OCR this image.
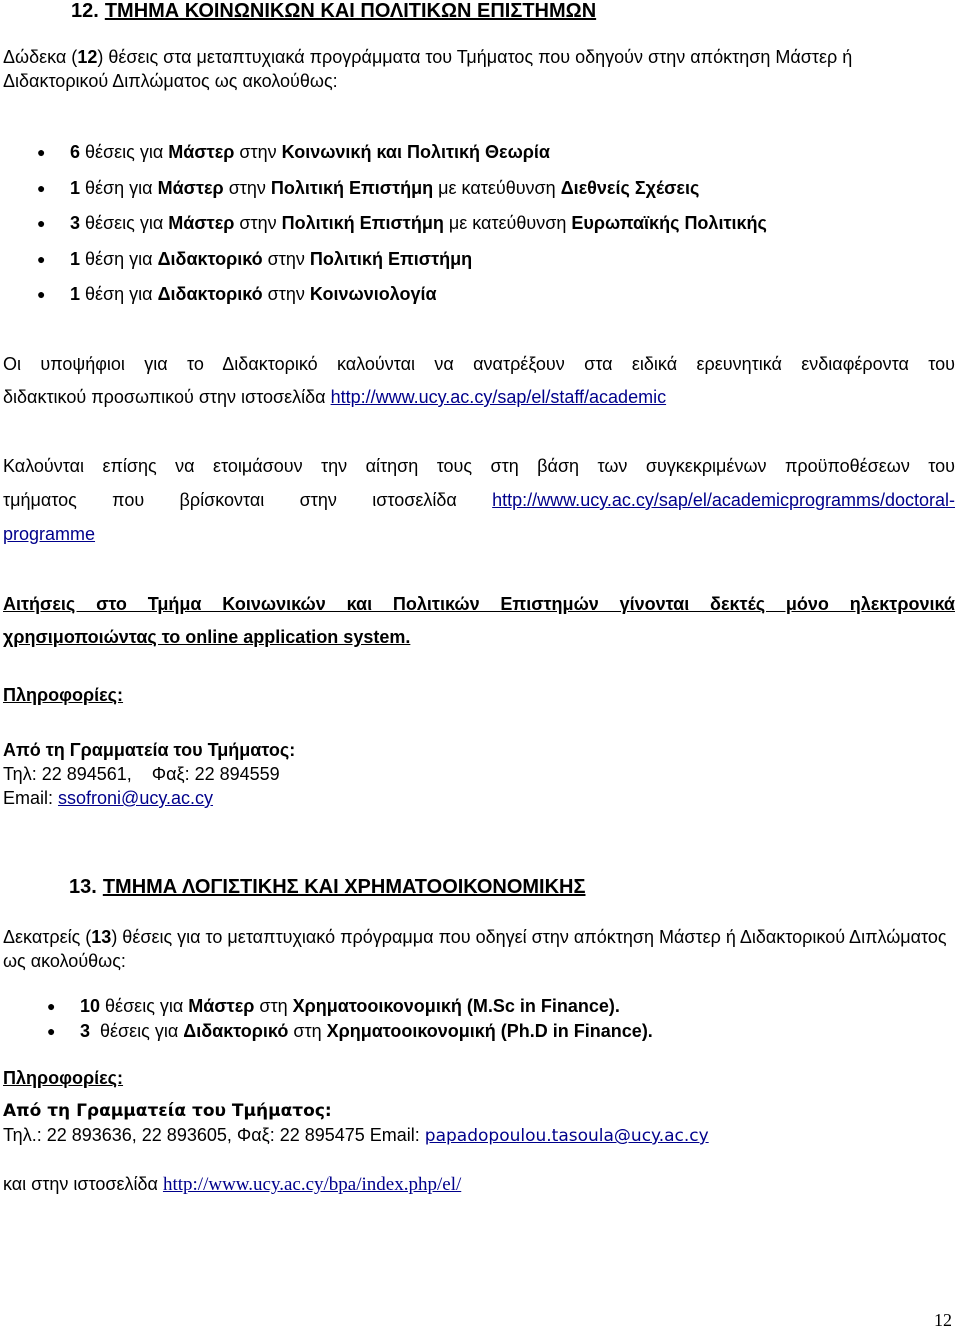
12. ΤΜΗΜΑ ΚΟΙΝΩΝΙΚΩΝ ΚΑΙ ΠΟΛΙΤΙΚΩΝ ΕΠΙΣΤΗΜΩΝ
Δώδεκα (12) θέσεις στα μεταπτυχιακά προγράμματα του Τμήματος που οδηγούν στην απόκτηση Μάστερ ή Διδακτορικού Διπλώματος ως ακολούθως:
● 6 θέσεις για Μάστερ στην Κοινωνική και Πολιτική Θεωρία
● 1 θέση για Μάστερ στην Πολιτική Επιστήμη με κατεύθυνση Διεθνείς Σχέσεις
● 3 θέσεις για Μάστερ στην Πολιτική Επιστήμη με κατεύθυνση Ευρωπαϊκής Πολιτικής
● 1 θέση για Διδακτορικό στην Πολιτική Επιστήμη
● 1 θέση για Διδακτορικό στην Κοινωνιολογία
Οι υποψήφιοι για το Διδακτορικό καλούνται να ανατρέξουν στα ειδικά ερευνητικά ενδιαφέροντα του
διδακτικού προσωπικού στην ιστοσελίδα http://www.ucy.ac.cy/sap/el/staff/academic
Καλούνται επίσης να ετοιμάσουν την αίτηση τους στη βάση των συγκεκριμένων προϋποθέσεων του
τμήματος που βρίσκονται στην ιστοσελίδα http://www.ucy.ac.cy/sap/el/academicprogramms/doctoral-
programme
Αιτήσεις στο Τμήμα Κοινωνικών και Πολιτικών Επιστημών γίνονται δεκτές μόνο ηλεκτρονικά
χρησιμοποιώντας το online application system.
Πληροφορίες:
Από τη Γραμματεία του Τμήματος:
Τηλ: 22 894561,    Φαξ: 22 894559
Email: ssofroni@ucy.ac.cy
13. ΤΜΗΜΑ ΛΟΓΙΣΤΙΚΗΣ ΚΑΙ ΧΡΗΜΑΤΟΟΙΚΟΝΟΜΙΚΗΣ
Δεκατρείς (13) θέσεις για το μεταπτυχιακό πρόγραμμα που οδηγεί στην απόκτηση Μάστερ ή Διδακτορικού Διπλώματος ως ακολούθως:
● 10 θέσεις για Μάστερ στη Χρηματοοικονομική (M.Sc in Finance).
● 3  θέσεις για Διδακτορικό στη Χρηματοοικονομική (Ph.D in Finance).
Πληροφορίες:
Από τη Γραμματεία του Τμήματος:
Τηλ.: 22 893636, 22 893605, Φαξ: 22 895475 Email: papadopoulou.tasoula@ucy.ac.cy
και στην ιστοσελίδα http://www.ucy.ac.cy/bpa/index.php/el/
12
